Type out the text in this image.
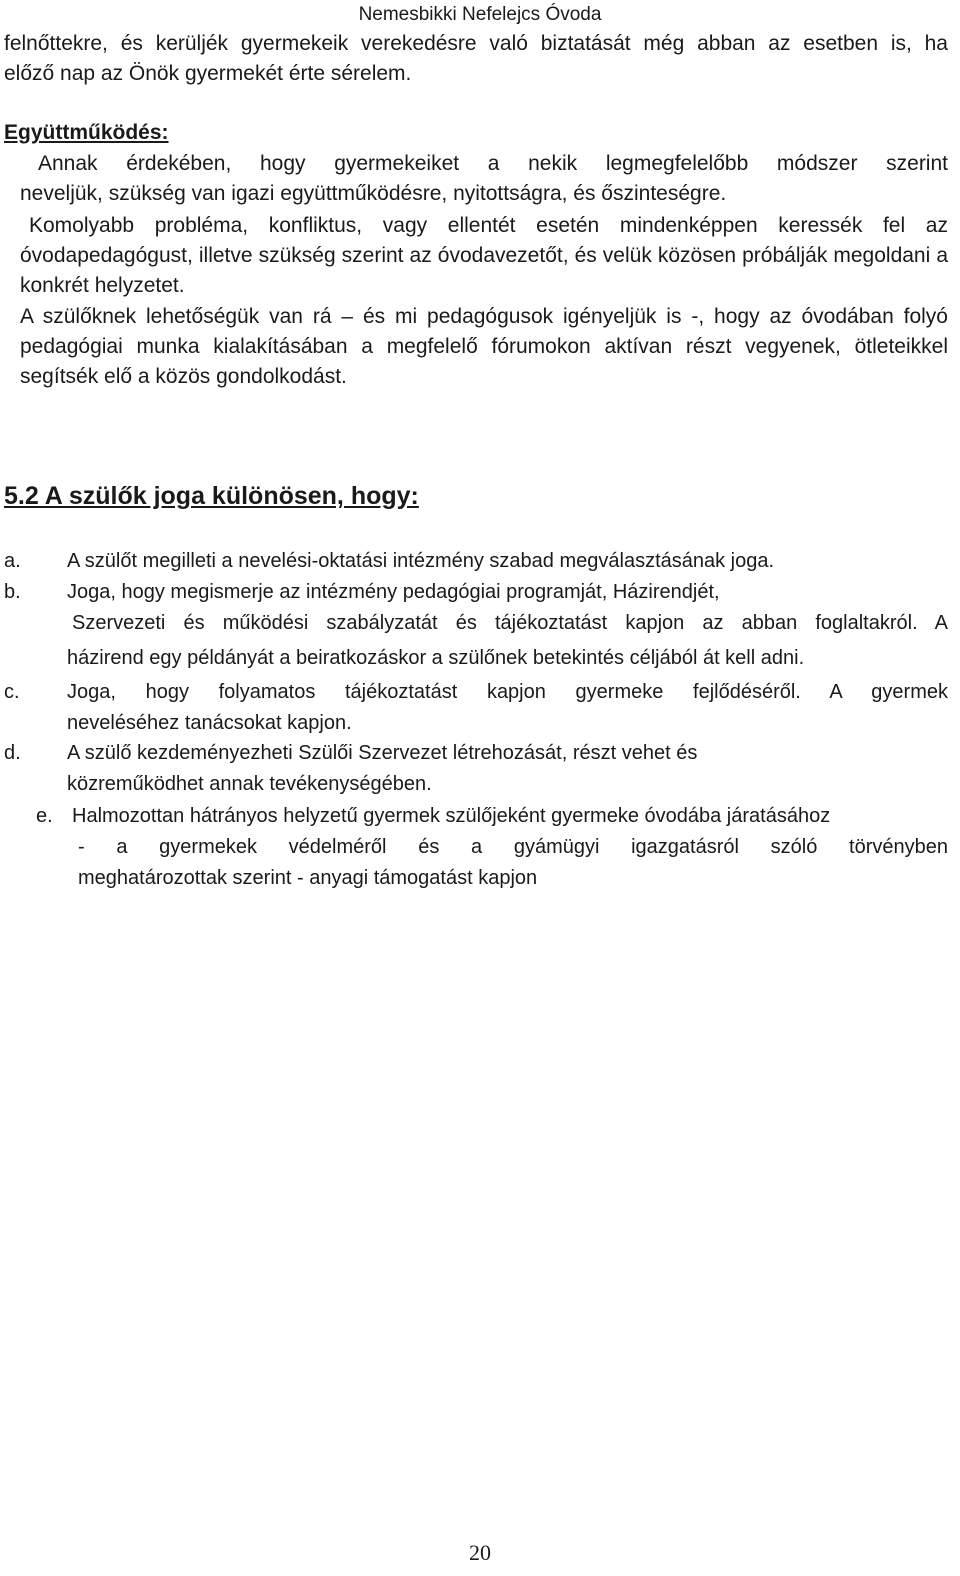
Nemesbikki Nefelejcs Óvoda
felnőttekre, és kerüljék gyermekeik verekedésre való biztatását még abban az esetben is, ha
előző nap az Önök gyermekét érte sérelem.
Együttműködés:
Annak érdekében, hogy gyermekeiket a nekik legmegfelelőbb módszer szerint
neveljük, szükség van igazi együttműködésre, nyitottságra, és őszinteségre.
Komolyabb probléma, konfliktus, vagy ellentét esetén mindenképpen keressék fel az óvodapedagógust, illetve szükség szerint az óvodavezetőt, és velük közösen próbálják megoldani a konkrét helyzetet.
A szülőknek lehetőségük van rá – és mi pedagógusok igényeljük is -, hogy az óvodában folyó pedagógiai munka kialakításában a megfelelő fórumokon aktívan részt vegyenek, ötleteikkel segítsék elő a közös gondolkodást.
5.2 A szülők joga különösen, hogy:
a. A szülőt megilleti a nevelési-oktatási intézmény szabad megválasztásának joga.
b. Joga, hogy megismerje az intézmény pedagógiai programját, Házirendjét,
Szervezeti és működési szabályzatát és tájékoztatást kapjon az abban foglaltakról. A
házirend egy példányát a beiratkozáskor a szülőnek betekintés céljából át kell adni.
c. Joga, hogy folyamatos tájékoztatást kapjon gyermeke fejlődéséről. A gyermek
neveléséhez tanácsokat kapjon.
d. A szülő kezdeményezheti Szülői Szervezet létrehozását, részt vehet és
közreműködhet annak tevékenységében.
e. Halmozottan hátrányos helyzetű gyermek szülőjeként gyermeke óvodába járatásához
- a gyermekek védelméről és a gyámügyi igazgatásról szóló törvényben
meghatározottak szerint - anyagi támogatást kapjon
20
